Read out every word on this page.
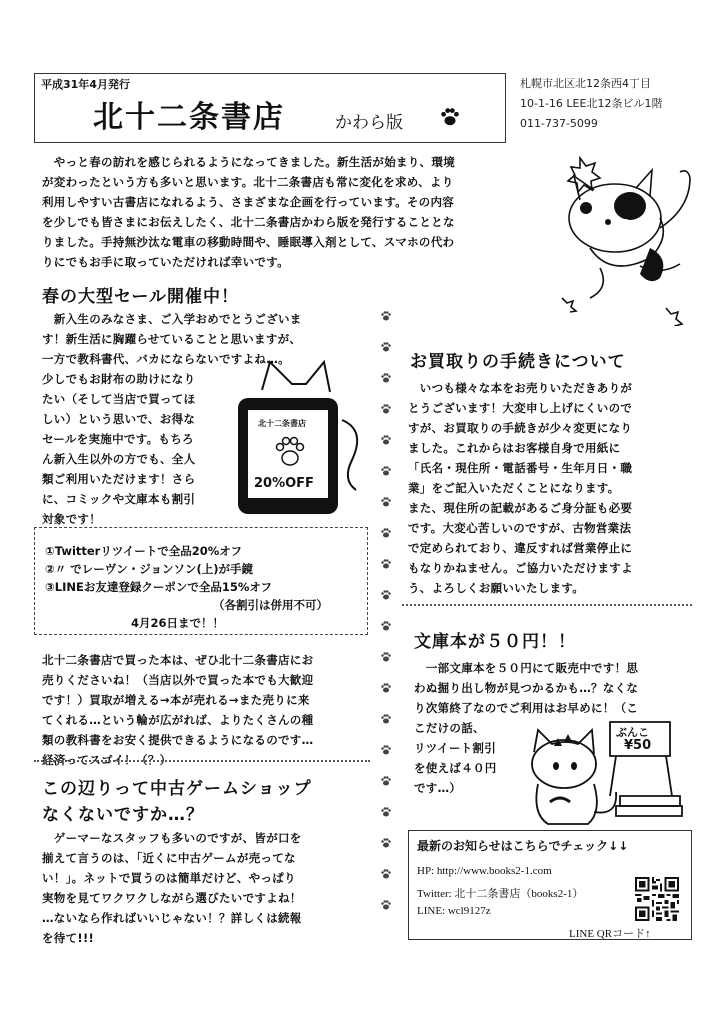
平成31年4月発行
北十二条書店	かわら版
札幌市北区北12条西4丁目
10-1-16 LEE北12条ビル1階
011-737-5099
　やっと春の訪れを感じられるようになってきました。新生活が始まり、環境
が変わったという方も多いと思います。北十二条書店も常に変化を求め、より
利用しやすい古書店になれるよう、さまざまな企画を行っています。その内容
を少しでも皆さまにお伝えしたく、北十二条書店かわら版を発行することとな
りました。手持無沙汰な電車の移動時間や、睡眠導入剤として、スマホの代わ
りにでもお手に取っていただければ幸いです。
春の大型セール開催中！
　新入生のみなさま、ご入学おめでとうございま
す！新生活に胸躍らせていることと思いますが、
一方で教科書代、バカにならないですよね…。
少しでもお財布の助けになり
たい（そして当店で買ってほ
しい）という思いで、お得な
セールを実施中です。もちろ
ん新入生以外の方でも、全人
類ご利用いただけます！さら
に、コミックや文庫本も割引
対象です！
北十二条書店
20%OFF
①Twitterリツイートで全品20%オフ
②〃 でレーヴン・ジョンソン(上)が手鏡
③LINEお友達登録クーポンで全品15%オフ
（各割引は併用不可）
4月26日まで！！
北十二条書店で買った本は、ぜひ北十二条書店にお
売りくださいね！（当店以外で買った本でも大歓迎
です！）買取が増える→本が売れる→また売りに来
てくれる…という輪が広がれば、よりたくさんの種
類の教科書をお安く提供できるようになるのです…
経済ってスゴイ！（？）
この辺りって中古ゲームショップ
なくないですか…？
　ゲーマーなスタッフも多いのですが、皆が口を
揃えて言うのは、「近くに中古ゲームが売ってな
い！」。ネットで買うのは簡単だけど、やっぱり
実物を見てワクワクしながら選びたいですよね！
…ないなら作ればいいじゃない！？詳しくは続報
を待て!!!
お買取りの手続きについて
　いつも様々な本をお売りいただきありが
とうございます！大変申し上げにくいので
すが、お買取りの手続きが少々変更になり
ました。これからはお客様自身で用紙に
「氏名・現住所・電話番号・生年月日・職
業」をご記入いただくことになります。
また、現住所の記載があるご身分証も必要
です。大変心苦しいのですが、古物営業法
で定められており、違反すれば営業停止に
もなりかねません。ご協力いただけますよ
う、よろしくお願いいたします。
文庫本が５０円！！
　一部文庫本を５０円にて販売中です！思
わぬ掘り出し物が見つかるかも…？なくな
り次第終了なのでご利用はお早めに！（こ
こだけの話、
リツイート割引
を使えば４０円
です…）
ぶんこ
¥50
最新のお知らせはこちらでチェック↓↓
HP: http://www.books2-1.com
Twitter: 北十二条書店（books2-1）
LINE: wcl9127z
LINE QRコード↑
